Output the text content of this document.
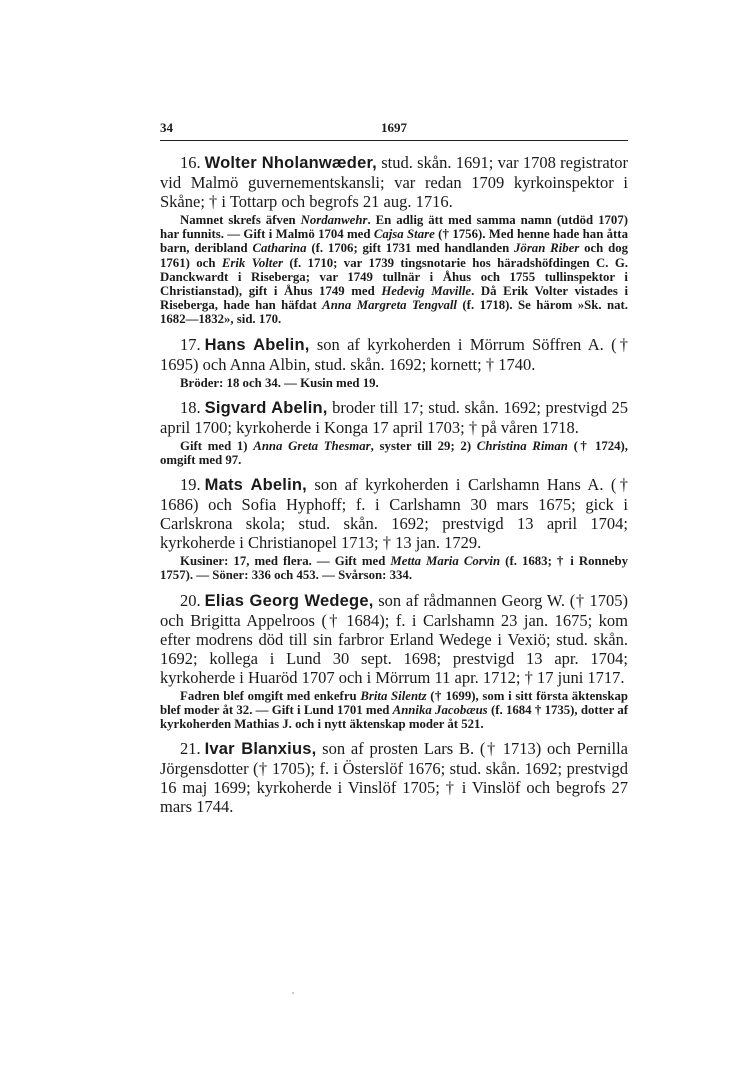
34	1697

16. Wolter Nholanwæder, stud. skån. 1691; var 1708 registrator vid Malmö guvernementskansli; var redan 1709 kyrkoinspektor i Skåne; † i Tottarp och begrofs 21 aug. 1716.

Namnet skrefs äfven Nordanwehr. En adlig ätt med samma namn (utdöd 1707) har funnits. — Gift i Malmö 1704 med Cajsa Stare († 1756). Med henne hade han åtta barn, deribland Catharina (f. 1706; gift 1731 med handlanden Jöran Riber och dog 1761) och Erik Volter (f. 1710; var 1739 tingsnotarie hos häradshöfdingen C. G. Danckwardt i Riseberga; var 1749 tullnär i Åhus och 1755 tullinspektor i Christianstad), gift i Åhus 1749 med Hedevig Maville. Då Erik Volter vistades i Riseberga, hade han häfdat Anna Margreta Tengvall (f. 1718). Se härom »Sk. nat. 1682—1832», sid. 170.

17. Hans Abelin, son af kyrkoherden i Mörrum Söffren A. († 1695) och Anna Albin, stud. skån. 1692; kornett; † 1740.

Bröder: 18 och 34. — Kusin med 19.

18. Sigvard Abelin, broder till 17; stud. skån. 1692; prestvigd 25 april 1700; kyrkoherde i Konga 17 april 1703; † på våren 1718.

Gift med 1) Anna Greta Thesmar, syster till 29; 2) Christina Riman († 1724), omgift med 97.

19. Mats Abelin, son af kyrkoherden i Carlshamn Hans A. († 1686) och Sofia Hyphoff; f. i Carlshamn 30 mars 1675; gick i Carlskrona skola; stud. skån. 1692; prestvigd 13 april 1704; kyrkoherde i Christianopel 1713; † 13 jan. 1729.

Kusiner: 17, med flera. — Gift med Metta Maria Corvin (f. 1683; † i Ronneby 1757). — Söner: 336 och 453. — Svårson: 334.

20. Elias Georg Wedege, son af rådmannen Georg W. († 1705) och Brigitta Appelroos († 1684); f. i Carlshamn 23 jan. 1675; kom efter modrens död till sin farbror Erland Wedege i Vexiö; stud. skån. 1692; kollega i Lund 30 sept. 1698; prestvigd 13 apr. 1704; kyrkoherde i Huaröd 1707 och i Mörrum 11 apr. 1712; † 17 juni 1717.

Fadren blef omgift med enkefru Brita Silentz († 1699), som i sitt första äktenskap blef moder åt 32. — Gift i Lund 1701 med Annika Jacobæus (f. 1684 † 1735), dotter af kyrkoherden Mathias J. och i nytt äktenskap moder åt 521.

21. Ivar Blanxius, son af prosten Lars B. († 1713) och Pernilla Jörgensdotter († 1705); f. i Österslöf 1676; stud. skån. 1692; prestvigd 16 maj 1699; kyrkoherde i Vinslöf 1705; † i Vinslöf och begrofs 27 mars 1744.
